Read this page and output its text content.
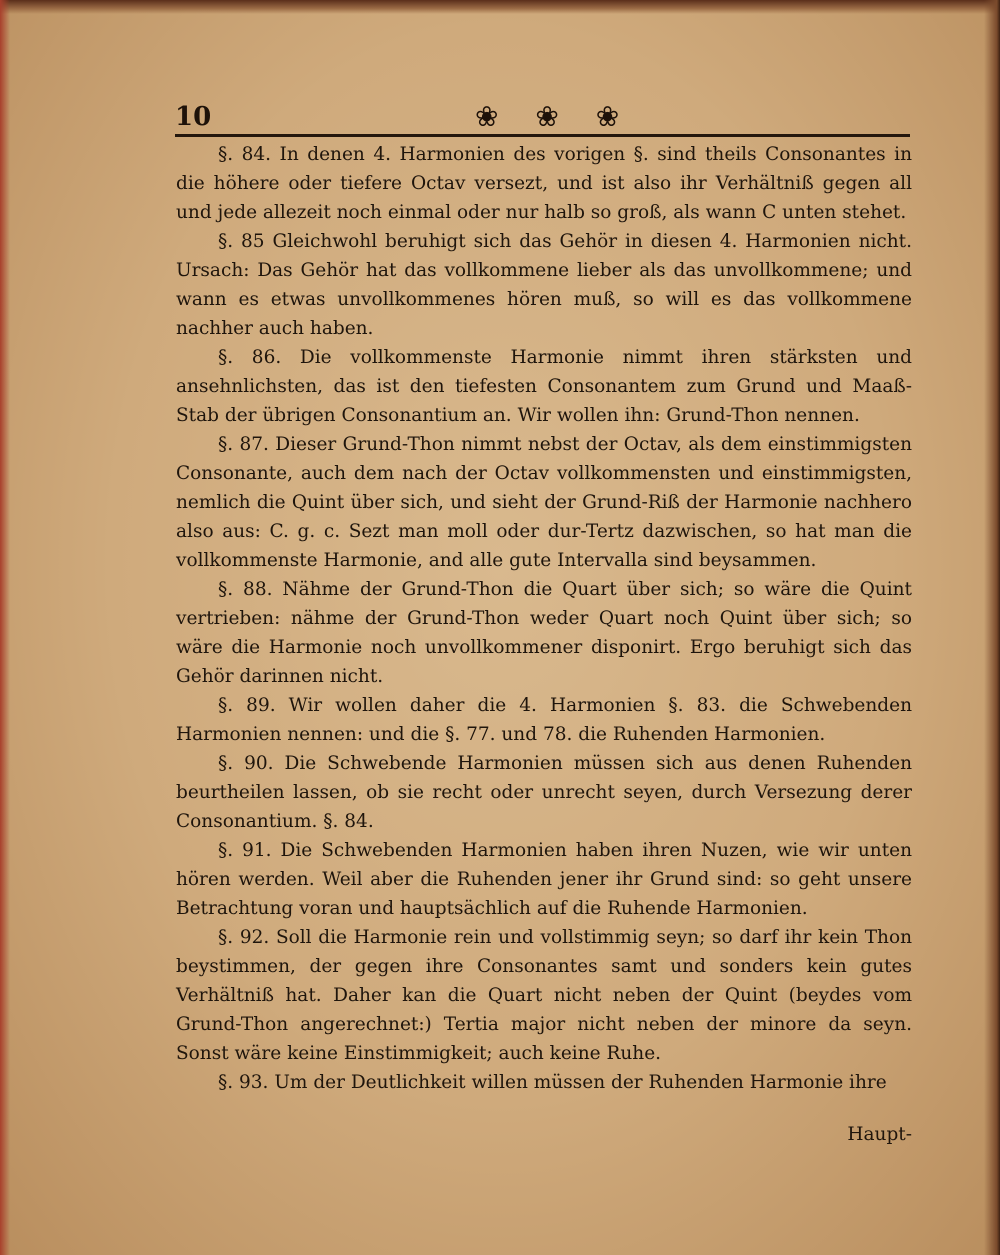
10	❀ ❀ ❀

§. 84. In denen 4. Harmonien des vorigen §. sind theils Consonantes in die höhere oder tiefere Octav versezt, und ist also ihr Verhältniß gegen all und jede allezeit noch einmal oder nur halb so groß, als wann C unten stehet.

§. 85 Gleichwohl beruhigt sich das Gehör in diesen 4. Harmonien nicht. Ursach: Das Gehör hat das vollkommene lieber als das unvollkommene; und wann es etwas unvollkommenes hören muß, so will es das vollkommene nachher auch haben.

§. 86. Die vollkommenste Harmonie nimmt ihren stärksten und ansehnlichsten, das ist den tiefesten Consonantem zum Grund und Maaß-Stab der übrigen Consonantium an. Wir wollen ihn: Grund-Thon nennen.

§. 87. Dieser Grund-Thon nimmt nebst der Octav, als dem einstimmigsten Consonante, auch dem nach der Octav vollkommensten und einstimmigsten, nemlich die Quint über sich, und sieht der Grund-Riß der Harmonie nachhero also aus: C. g. c. Sezt man moll oder dur-Tertz dazwischen, so hat man die vollkommenste Harmonie, and alle gute Intervalla sind beysammen.

§. 88. Nähme der Grund-Thon die Quart über sich; so wäre die Quint vertrieben: nähme der Grund-Thon weder Quart noch Quint über sich; so wäre die Harmonie noch unvollkommener disponirt. Ergo beruhigt sich das Gehör darinnen nicht.

§. 89. Wir wollen daher die 4. Harmonien §. 83. die Schwebenden Harmonien nennen: und die §. 77. und 78. die Ruhenden Harmonien.

§. 90. Die Schwebende Harmonien müssen sich aus denen Ruhenden beurtheilen lassen, ob sie recht oder unrecht seyen, durch Versezung derer Consonantium. §. 84.

§. 91. Die Schwebenden Harmonien haben ihren Nuzen, wie wir unten hören werden. Weil aber die Ruhenden jener ihr Grund sind: so geht unsere Betrachtung voran und hauptsächlich auf die Ruhende Harmonien.

§. 92. Soll die Harmonie rein und vollstimmig seyn; so darf ihr kein Thon beystimmen, der gegen ihre Consonantes samt und sonders kein gutes Verhältniß hat. Daher kan die Quart nicht neben der Quint (beydes vom Grund-Thon angerechnet:) Tertia major nicht neben der minore da seyn. Sonst wäre keine Einstimmigkeit; auch keine Ruhe.

§. 93. Um der Deutlichkeit willen müssen der Ruhenden Harmonie ihre

Haupt-
